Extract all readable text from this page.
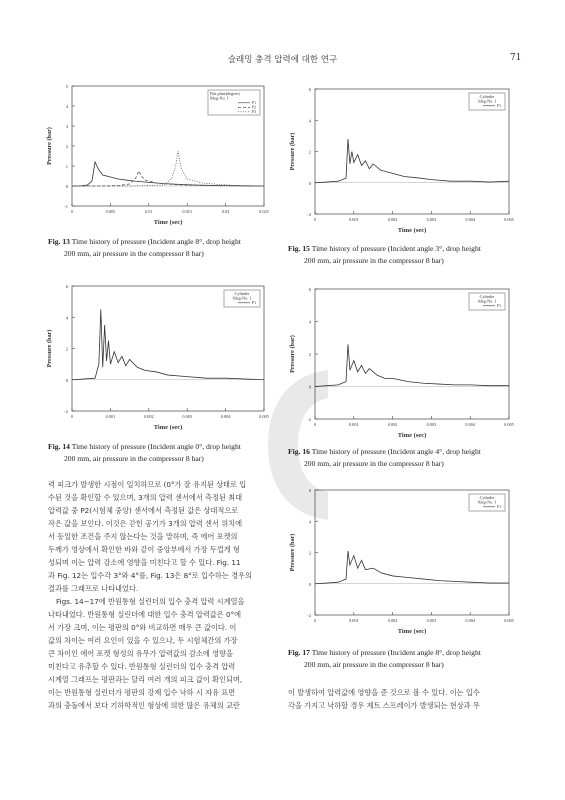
슬래밍 충격 압력에 대한 연구	71
-1
0
1
2
3
4
5
0	0.005	0.01	0.015	0.02	0.025
Time (sec)
Pressure (bar)
Flat plate(degree)
8deg-No. 1
P1
P2
P3
Fig. 13 Time history of pressure (Incident angle 8°, drop height
200 mm, air pressure in the compressor 8 bar)
-2
0
2
4
6
0	0.001	0.002	0.003	0.004	0.005
Time (sec)
Pressure (bar)
Cylinder
0deg-No. 1
P1
Fig. 14 Time history of pressure (Incident angle 0°, drop height
200 mm, air pressure in the compressor 8 bar)
-2
0
2
4
6
0	0.001	0.002	0.003	0.004	0.005
Time (sec)
Pressure (bar)
Cylinder
3deg-No. 1
P1
Fig. 15 Time history of pressure (Incident angle 3°, drop height
200 mm, air pressure in the compressor 8 bar)
-2
0
2
4
6
0	0.001	0.002	0.003	0.004	0.005
Time (sec)
Pressure (bar)
Cylinder
4deg-No. 1
P1
Fig. 16 Time history of pressure (Incident angle 4°, drop height
200 mm, air pressure in the compressor 8 bar)
-2
0
2
4
6
0	0.001	0.002	0.003	0.004	0.005
Time (sec)
Pressure (bar)
Cylinder
8deg-No. 1
P1
Fig. 17 Time history of pressure (Incident angle 8°, drop height
200 mm, air pressure in the compressor 8 bar)

력 피크가 발생한 시점이 일치하므로 (0°가 잘 유지된 상태로 입

수된 것을 확인할 수 있으며, 3개의 압력 센서에서 측정된 최대

압력값 중 P2(시험체 중앙) 센서에서 측정된 값은 상대적으로

작은 값을 보인다. 이것은 갇힌 공기가 3개의 압력 센서 위치에

서 동일한 조건을 주지 않는다는 것을 말하며, 즉 에어 포켓의

두께가 영상에서 확인한 바와 같이 중앙부에서 가장 두껍게 형

성되며 이는 압력 감소에 영향을 미친다고 할 수 있다. Fig. 11

과 Fig. 12는 입수각 3°와 4°를, Fig. 13은 8°로 입수하는 경우의

결과를 그래프로 나타내었다.

Figs. 14~17에 반원통형 실린더의 입수 충격 압력 시계열을

나타내었다. 반원통형 실린더에 대한 입수 충격 압력값은 0°에

서 가장 크며, 이는 평판의 0°와 비교하면 매우 큰 값이다. 이

값의 차이는 여러 요인이 있을 수 있으나, 두 시험체간의 가장

큰 차이인 에어 포켓 형성의 유무가 압력값의 감소에 영향을

미친다고 유추할 수 있다. 반원통형 실린더의 입수 충격 압력

시계열 그래프는 평판과는 달리 여러 개의 피크 값이 확인되며,

이는 반원통형 실린더가 평판의 강제 입수 낙하 시 자유 표면

과의 충돌에서 보다 기하학적인 형상에 의한 많은 유체의 교란

이 발생하여 압력값에 영향을 준 것으로 볼 수 있다. 이는 입수

각을 가지고 낙하할 경우 제트 스프레이가 발생되는 현상과 무
